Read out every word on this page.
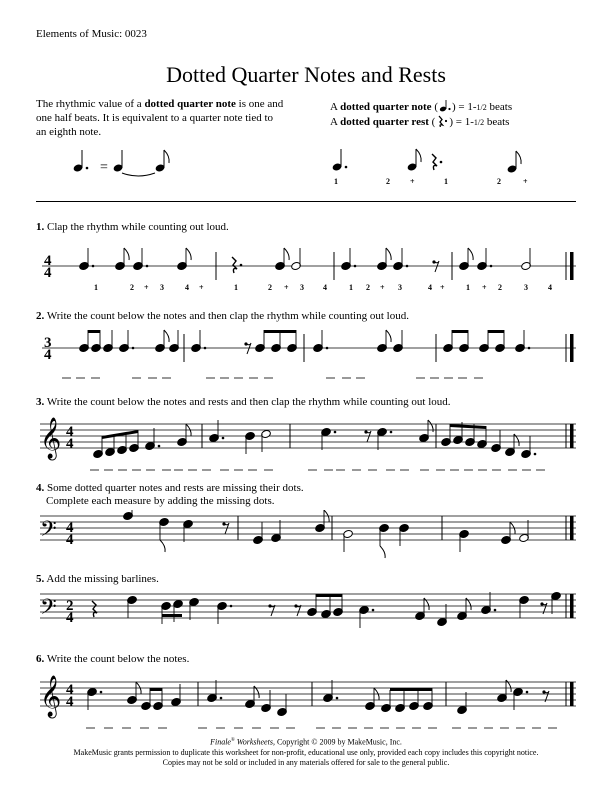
Elements of Music: 0023
Dotted Quarter Notes and Rests
The rhythmic value of a dotted quarter note is one and one half beats. It is equivalent to a quarter note tied to an eighth note.
A dotted quarter note ( ) = 1-1/2 beats
A dotted quarter rest ( ) = 1-1/2 beats
=
1	2	+	1	2	+
1. Clap the rhythm while counting out loud.
2. Write the count below the notes and then clap the rhythm while counting out loud.
3. Write the count below the notes and rests and then clap the rhythm while counting out loud.
4. Some dotted quarter notes and rests are missing their dots.
Complete each measure by adding the missing dots.
5. Add the missing barlines.
6. Write the count below the notes.
4
4
1	2 + 3	4 +	1	2 + 3 4	1 2 + 3	4 +	1 + 2	3	4
3
4
𝄞 4
4
𝄢 4
4
𝄢 2
4
𝄞 4
4
Finale® Worksheets, Copyright © 2009 by MakeMusic, Inc.
MakeMusic grants permission to duplicate this worksheet for non-profit, educational use only, provided each copy includes this copyright notice.
Copies may not be sold or included in any materials offered for sale to the general public.
